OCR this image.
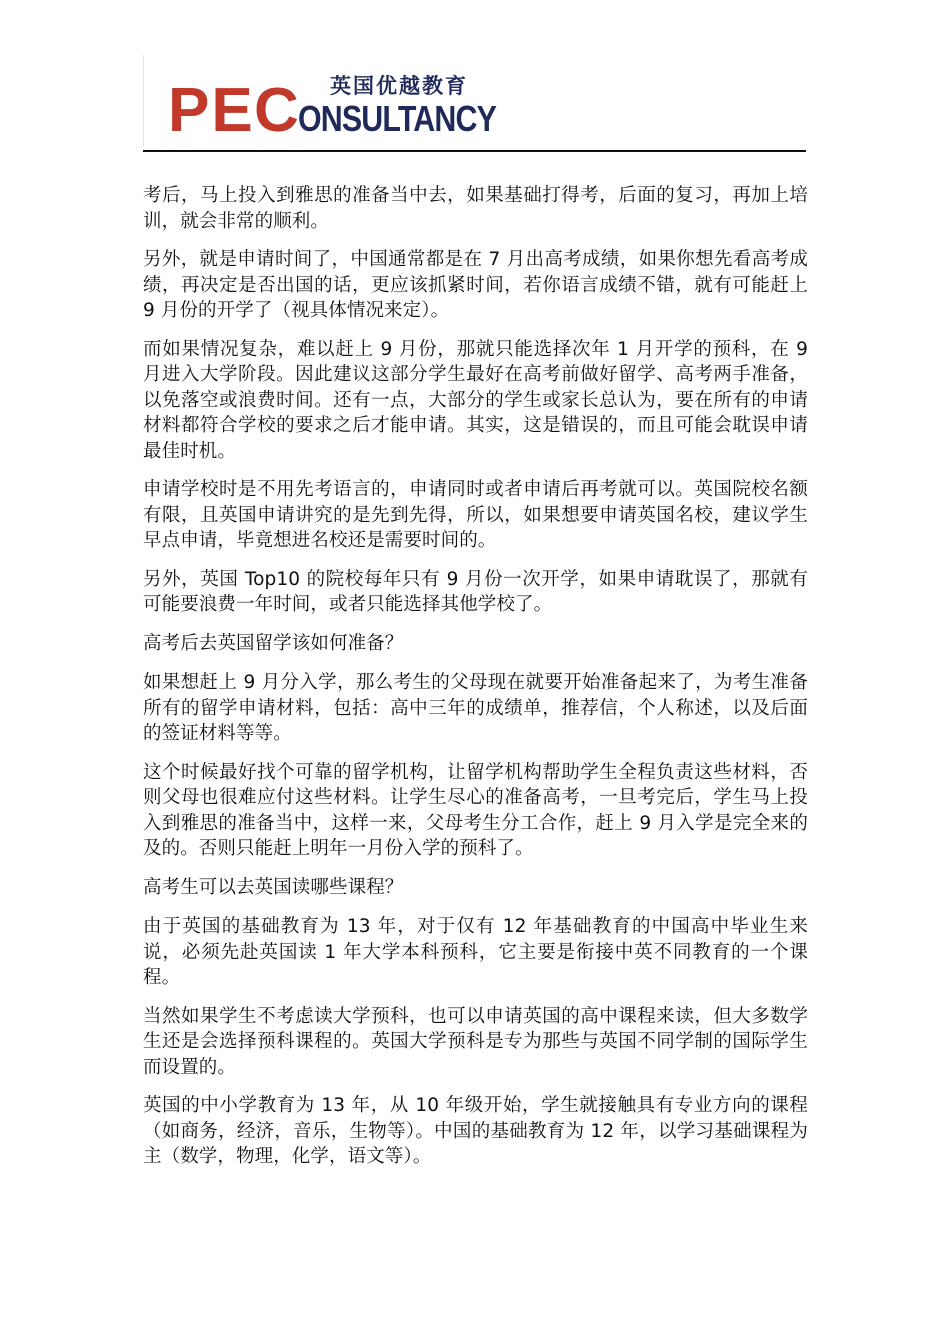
PE C ONSULTANCY
英国优越教育

考后，马上投入到雅思的准备当中去，如果基础打得考，后面的复习，再加上培训，就会非常的顺利。

另外，就是申请时间了，中国通常都是在 7 月出高考成绩，如果你想先看高考成绩，再决定是否出国的话，更应该抓紧时间，若你语言成绩不错，就有可能赶上 9 月份的开学了（视具体情况来定）。

而如果情况复杂，难以赶上 9 月份，那就只能选择次年 1 月开学的预科，在 9 月进入大学阶段。因此建议这部分学生最好在高考前做好留学、高考两手准备，以免落空或浪费时间。还有一点，大部分的学生或家长总认为，要在所有的申请材料都符合学校的要求之后才能申请。其实，这是错误的，而且可能会耽误申请最佳时机。

申请学校时是不用先考语言的，申请同时或者申请后再考就可以。英国院校名额有限，且英国申请讲究的是先到先得，所以，如果想要申请英国名校，建议学生早点申请，毕竟想进名校还是需要时间的。

另外，英国 Top10 的院校每年只有 9 月份一次开学，如果申请耽误了，那就有可能要浪费一年时间，或者只能选择其他学校了。

高考后去英国留学该如何准备？

如果想赶上 9 月分入学，那么考生的父母现在就要开始准备起来了，为考生准备所有的留学申请材料，包括：高中三年的成绩单，推荐信，个人称述，以及后面的签证材料等等。

这个时候最好找个可靠的留学机构，让留学机构帮助学生全程负责这些材料，否则父母也很难应付这些材料。让学生尽心的准备高考，一旦考完后，学生马上投入到雅思的准备当中，这样一来，父母考生分工合作，赶上 9 月入学是完全来的及的。否则只能赶上明年一月份入学的预科了。

高考生可以去英国读哪些课程？

由于英国的基础教育为 13 年，对于仅有 12 年基础教育的中国高中毕业生来说，必须先赴英国读 1 年大学本科预科，它主要是衔接中英不同教育的一个课程。

当然如果学生不考虑读大学预科，也可以申请英国的高中课程来读，但大多数学生还是会选择预科课程的。英国大学预科是专为那些与英国不同学制的国际学生而设置的。

英国的中小学教育为 13 年，从 10 年级开始，学生就接触具有专业方向的课程（如商务，经济，音乐，生物等）。中国的基础教育为 12 年，以学习基础课程为主（数学，物理，化学，语文等）。
